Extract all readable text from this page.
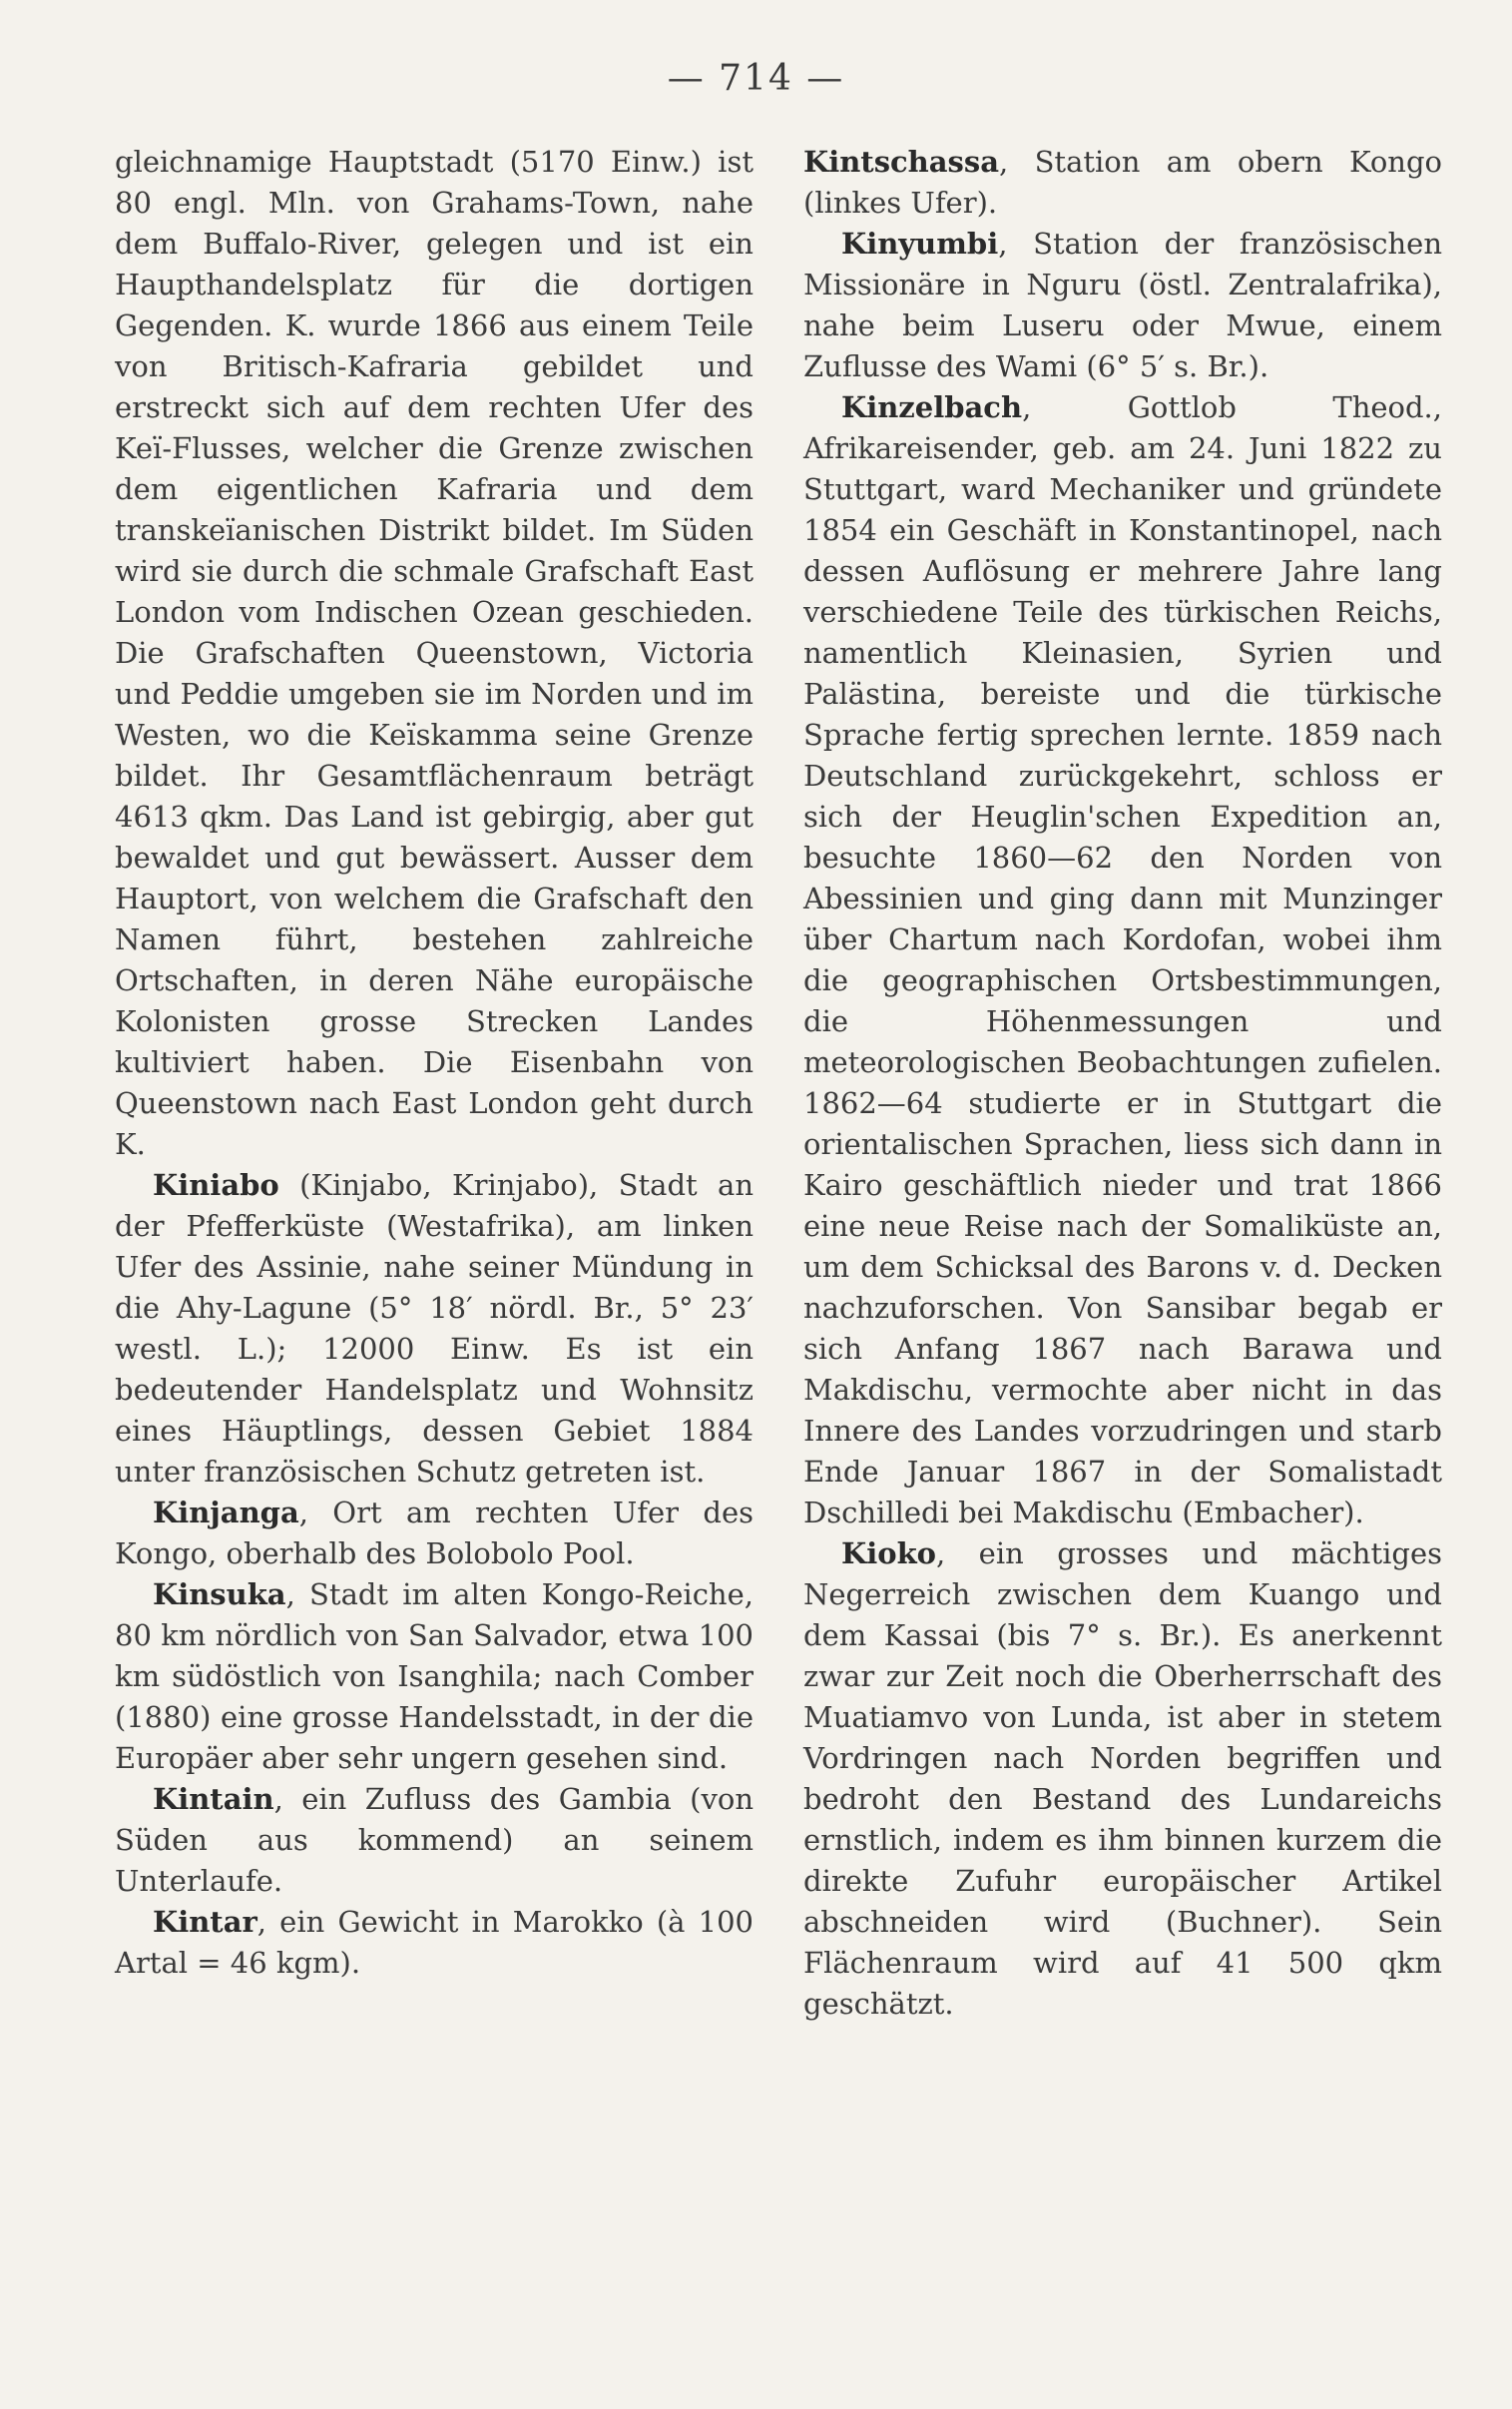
— 714 —

gleichnamige Hauptstadt (5170 Einw.) ist 80 engl. Mln. von Grahams-Town, nahe dem Buffalo-River, gelegen und ist ein Haupthandelsplatz für die dortigen Gegenden. K. wurde 1866 aus einem Teile von Britisch-Kafraria gebildet und erstreckt sich auf dem rechten Ufer des Keï-Flusses, welcher die Grenze zwischen dem eigentlichen Kafraria und dem transkeïanischen Distrikt bildet. Im Süden wird sie durch die schmale Grafschaft East London vom Indischen Ozean geschieden. Die Grafschaften Queenstown, Victoria und Peddie umgeben sie im Norden und im Westen, wo die Keïskamma seine Grenze bildet. Ihr Gesamtflächenraum beträgt 4613 qkm. Das Land ist gebirgig, aber gut bewaldet und gut bewässert. Ausser dem Hauptort, von welchem die Grafschaft den Namen führt, bestehen zahlreiche Ortschaften, in deren Nähe europäische Kolonisten grosse Strecken Landes kultiviert haben. Die Eisenbahn von Queenstown nach East London geht durch K.

Kiniabo (Kinjabo, Krinjabo), Stadt an der Pfefferküste (Westafrika), am linken Ufer des Assinie, nahe seiner Mündung in die Ahy-Lagune (5° 18′ nördl. Br., 5° 23′ westl. L.); 12000 Einw. Es ist ein bedeutender Handelsplatz und Wohnsitz eines Häuptlings, dessen Gebiet 1884 unter französischen Schutz getreten ist.

Kinjanga, Ort am rechten Ufer des Kongo, oberhalb des Bolobolo Pool.

Kinsuka, Stadt im alten Kongo-Reiche, 80 km nördlich von San Salvador, etwa 100 km südöstlich von Isanghila; nach Comber (1880) eine grosse Handelsstadt, in der die Europäer aber sehr ungern gesehen sind.

Kintain, ein Zufluss des Gambia (von Süden aus kommend) an seinem Unterlaufe.

Kintar, ein Gewicht in Marokko (à 100 Artal = 46 kgm).

Kintschassa, Station am obern Kongo (linkes Ufer).

Kinyumbi, Station der französischen Missionäre in Nguru (östl. Zentralafrika), nahe beim Luseru oder Mwue, einem Zuflusse des Wami (6° 5′ s. Br.).

Kinzelbach, Gottlob Theod., Afrikareisender, geb. am 24. Juni 1822 zu Stuttgart, ward Mechaniker und gründete 1854 ein Geschäft in Konstantinopel, nach dessen Auflösung er mehrere Jahre lang verschiedene Teile des türkischen Reichs, namentlich Kleinasien, Syrien und Palästina, bereiste und die türkische Sprache fertig sprechen lernte. 1859 nach Deutschland zurückgekehrt, schloss er sich der Heuglin'schen Expedition an, besuchte 1860—62 den Norden von Abessinien und ging dann mit Munzinger über Chartum nach Kordofan, wobei ihm die geographischen Ortsbestimmungen, die Höhenmessungen und meteorologischen Beobachtungen zufielen. 1862—64 studierte er in Stuttgart die orientalischen Sprachen, liess sich dann in Kairo geschäftlich nieder und trat 1866 eine neue Reise nach der Somaliküste an, um dem Schicksal des Barons v. d. Decken nachzuforschen. Von Sansibar begab er sich Anfang 1867 nach Barawa und Makdischu, vermochte aber nicht in das Innere des Landes vorzudringen und starb Ende Januar 1867 in der Somalistadt Dschilledi bei Makdischu (Embacher).

Kioko, ein grosses und mächtiges Negerreich zwischen dem Kuango und dem Kassai (bis 7° s. Br.). Es anerkennt zwar zur Zeit noch die Oberherrschaft des Muatiamvo von Lunda, ist aber in stetem Vordringen nach Norden begriffen und bedroht den Bestand des Lundareichs ernstlich, indem es ihm binnen kurzem die direkte Zufuhr europäischer Artikel abschneiden wird (Buchner). Sein Flächenraum wird auf 41 500 qkm geschätzt.
